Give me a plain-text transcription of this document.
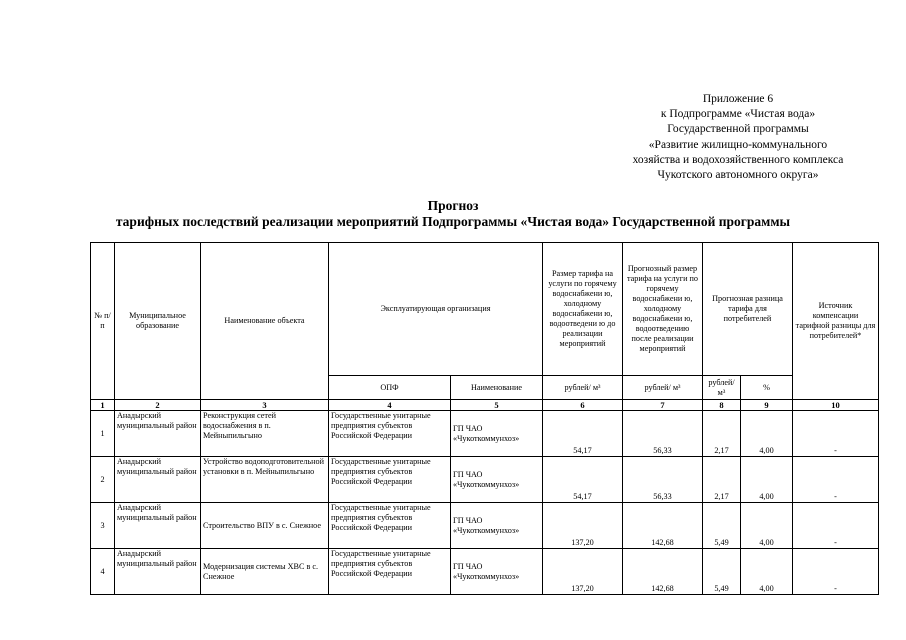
Приложение 6
к Подпрограмме «Чистая вода»
Государственной программы
«Развитие жилищно-коммунального
хозяйства и водохозяйственного комплекса
Чукотского автономного округа»
Прогноз
тарифных последствий реализации мероприятий Подпрограммы «Чистая вода» Государственной программы
№ п/п	Муниципальное образование	Наименование объекта	Эксплуатирующая организация		Размер тарифа на услуги по горячему водоснабжени ю, холодному водоснабжени ю, водоотведени ю до реализации мероприятий	Прогнозный размер тарифа на услуги по горячему водоснабжени ю, холодному водоснабжени ю, водоотведению после реализации мероприятий	Прогнозная разница тарифа для потребителей		Источник компенсации тарифной разницы для потребителей*
			ОПФ	Наименование	рублей/ м³	рублей/ м³	рублей/ м³	%	
1	2	3	4	5	6	7	8	9	10
1	Анадырский муниципальный район	Реконструкция сетей водоснабжения в п. Мейныпильгыно	Государственные унитарные предприятия субъектов Российской Федерации	ГП ЧАО «Чукоткоммунхоз»	54,17	56,33	2,17	4,00	-
2	Анадырский муниципальный район	Устройство водоподготовительной установки в п. Мейныпильгыно	Государственные унитарные предприятия субъектов Российской Федерации	ГП ЧАО «Чукоткоммунхоз»	54,17	56,33	2,17	4,00	-
3	Анадырский муниципальный район	Строительство ВПУ в с. Снежное	Государственные унитарные предприятия субъектов Российской Федерации	ГП ЧАО «Чукоткоммунхоз»	137,20	142,68	5,49	4,00	-
4	Анадырский муниципальный район	Модернизация системы ХВС в с. Снежное	Государственные унитарные предприятия субъектов Российской Федерации	ГП ЧАО «Чукоткоммунхоз»	137,20	142,68	5,49	4,00	-
